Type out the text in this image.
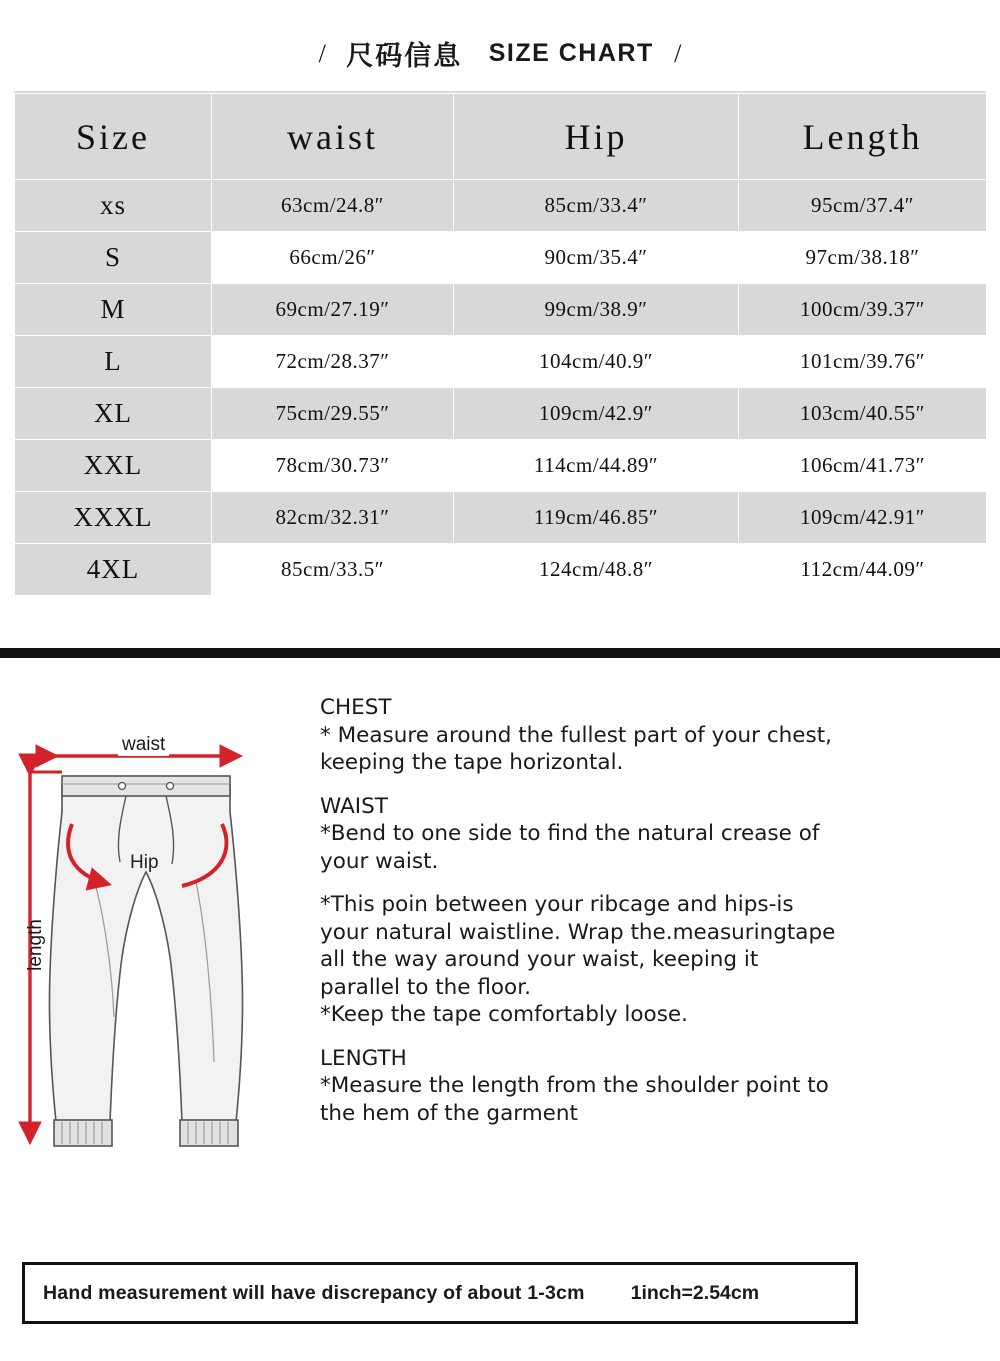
/ 尺码信息 SIZE CHART /
Size	waist	Hip	Length
xs	63cm/24.8″	85cm/33.4″	95cm/37.4″
S	66cm/26″	90cm/35.4″	97cm/38.18″
M	69cm/27.19″	99cm/38.9″	100cm/39.37″
L	72cm/28.37″	104cm/40.9″	101cm/39.76″
XL	75cm/29.55″	109cm/42.9″	103cm/40.55″
XXL	78cm/30.73″	114cm/44.89″	106cm/41.73″
XXXL	82cm/32.31″	119cm/46.85″	109cm/42.91″
4XL	85cm/33.5″	124cm/48.8″	112cm/44.09″
waist
Hip
length
CHEST
* Measure around the fullest part of your chest,
keeping the tape horizontal.
WAIST
*Bend to one side to find the natural crease of
your waist.
*This poin between your ribcage and hips-is
your natural waistline. Wrap the.measuringtape
all the way around your waist, keeping it
parallel to the floor.
*Keep the tape comfortably loose.
LENGTH
*Measure the length from the shoulder point to
the hem of the garment
Hand measurement will have discrepancy of about 1-3cm 1inch=2.54cm
